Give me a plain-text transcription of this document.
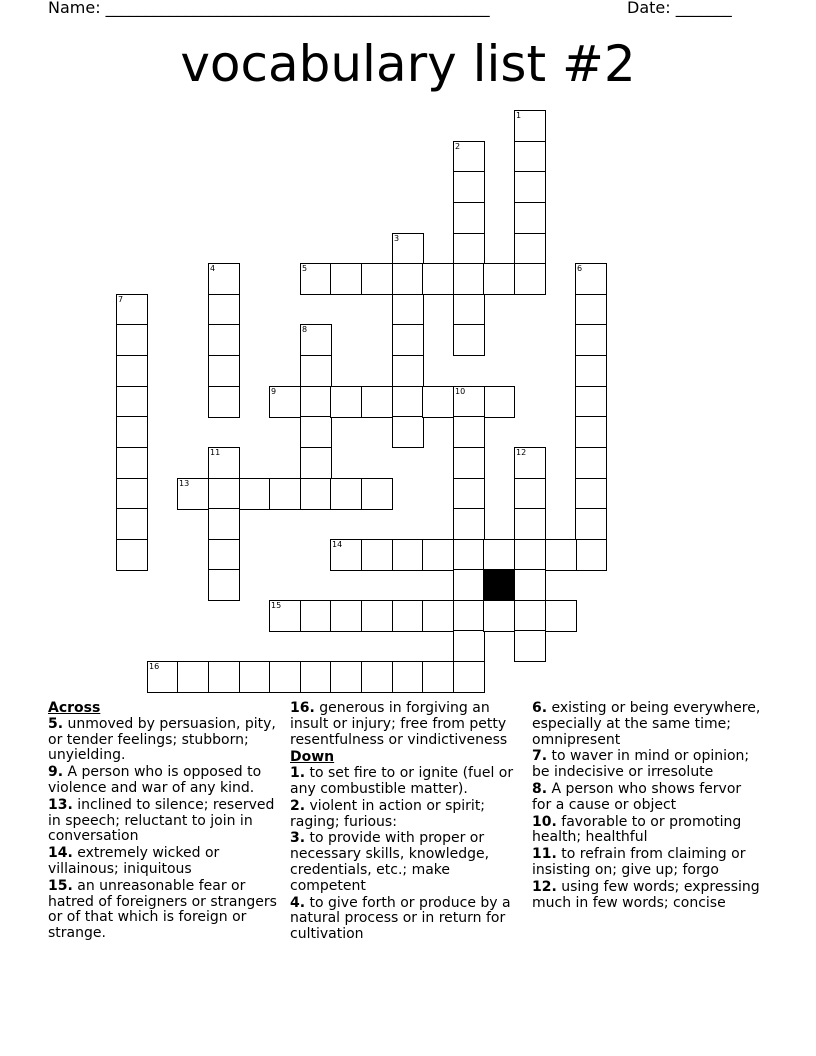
Name: ________________________________________________	Date: _______
vocabulary list #2
1
2
3
4	5	6
7
8
9	10
11	12
13
14
15
16
Across
5. unmoved by persuasion, pity, or tender feelings; stubborn; unyielding.
9. A person who is opposed to violence and war of any kind.
13. inclined to silence; reserved in speech; reluctant to join in conversation
14. extremely wicked or villainous; iniquitous
15. an unreasonable fear or hatred of foreigners or strangers or of that which is foreign or strange.
16. generous in forgiving an insult or injury; free from petty resentfulness or vindictiveness
Down
1. to set fire to or ignite (fuel or any combustible matter).
2. violent in action or spirit; raging; furious:
3. to provide with proper or necessary skills, knowledge, credentials, etc.; make competent
4. to give forth or produce by a natural process or in return for cultivation
6. existing or being everywhere, especially at the same time; omnipresent
7. to waver in mind or opinion; be indecisive or irresolute
8. A person who shows fervor for a cause or object
10. favorable to or promoting health; healthful
11. to refrain from claiming or insisting on; give up; forgo
12. using few words; expressing much in few words; concise
